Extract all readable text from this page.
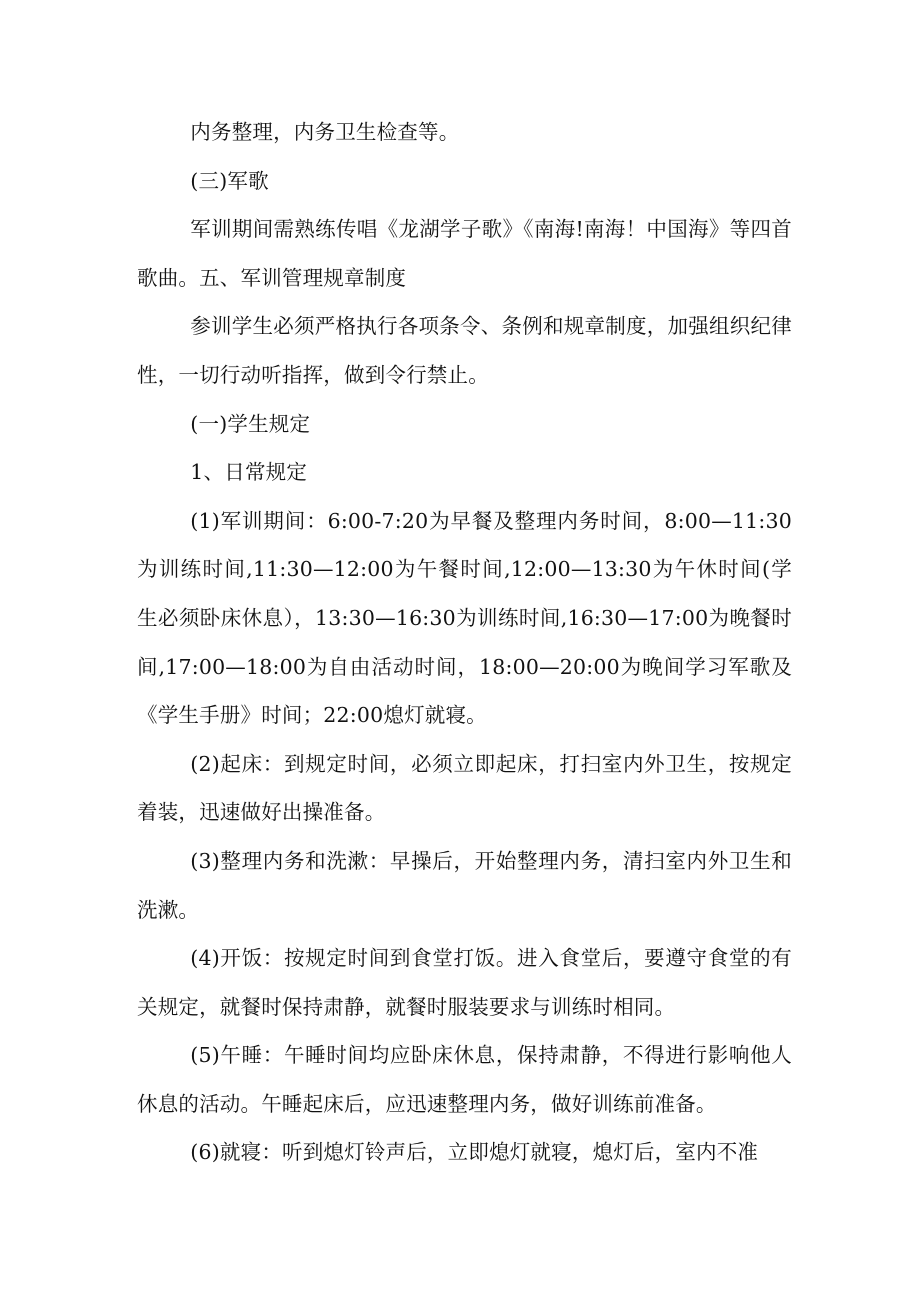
内务整理，内务卫生检查等。

(三)军歌

军训期间需熟练传唱《龙湖学子歌》《南海!南海！中国海》等四首歌曲。五、军训管理规章制度

参训学生必须严格执行各项条令、条例和规章制度，加强组织纪律性，一切行动听指挥，做到令行禁止。

(一)学生规定

1、日常规定

(1)军训期间：6:00-7:20为早餐及整理内务时间，8:00—11:30为训练时间,11:30—12:00为午餐时间,12:00—13:30为午休时间(学生必须卧床休息），13:30—16:30为训练时间,16:30—17:00为晚餐时间,17:00—18:00为自由活动时间，18:00—20:00为晚间学习军歌及《学生手册》时间；22:00熄灯就寝。

(2)起床：到规定时间，必须立即起床，打扫室内外卫生，按规定着装，迅速做好出操准备。

(3)整理内务和洗漱：早操后，开始整理内务，清扫室内外卫生和洗漱。

(4)开饭：按规定时间到食堂打饭。进入食堂后，要遵守食堂的有关规定，就餐时保持肃静，就餐时服装要求与训练时相同。

(5)午睡：午睡时间均应卧床休息，保持肃静，不得进行影响他人休息的活动。午睡起床后，应迅速整理内务，做好训练前准备。

(6)就寝：听到熄灯铃声后，立即熄灯就寝，熄灯后，室内不准
